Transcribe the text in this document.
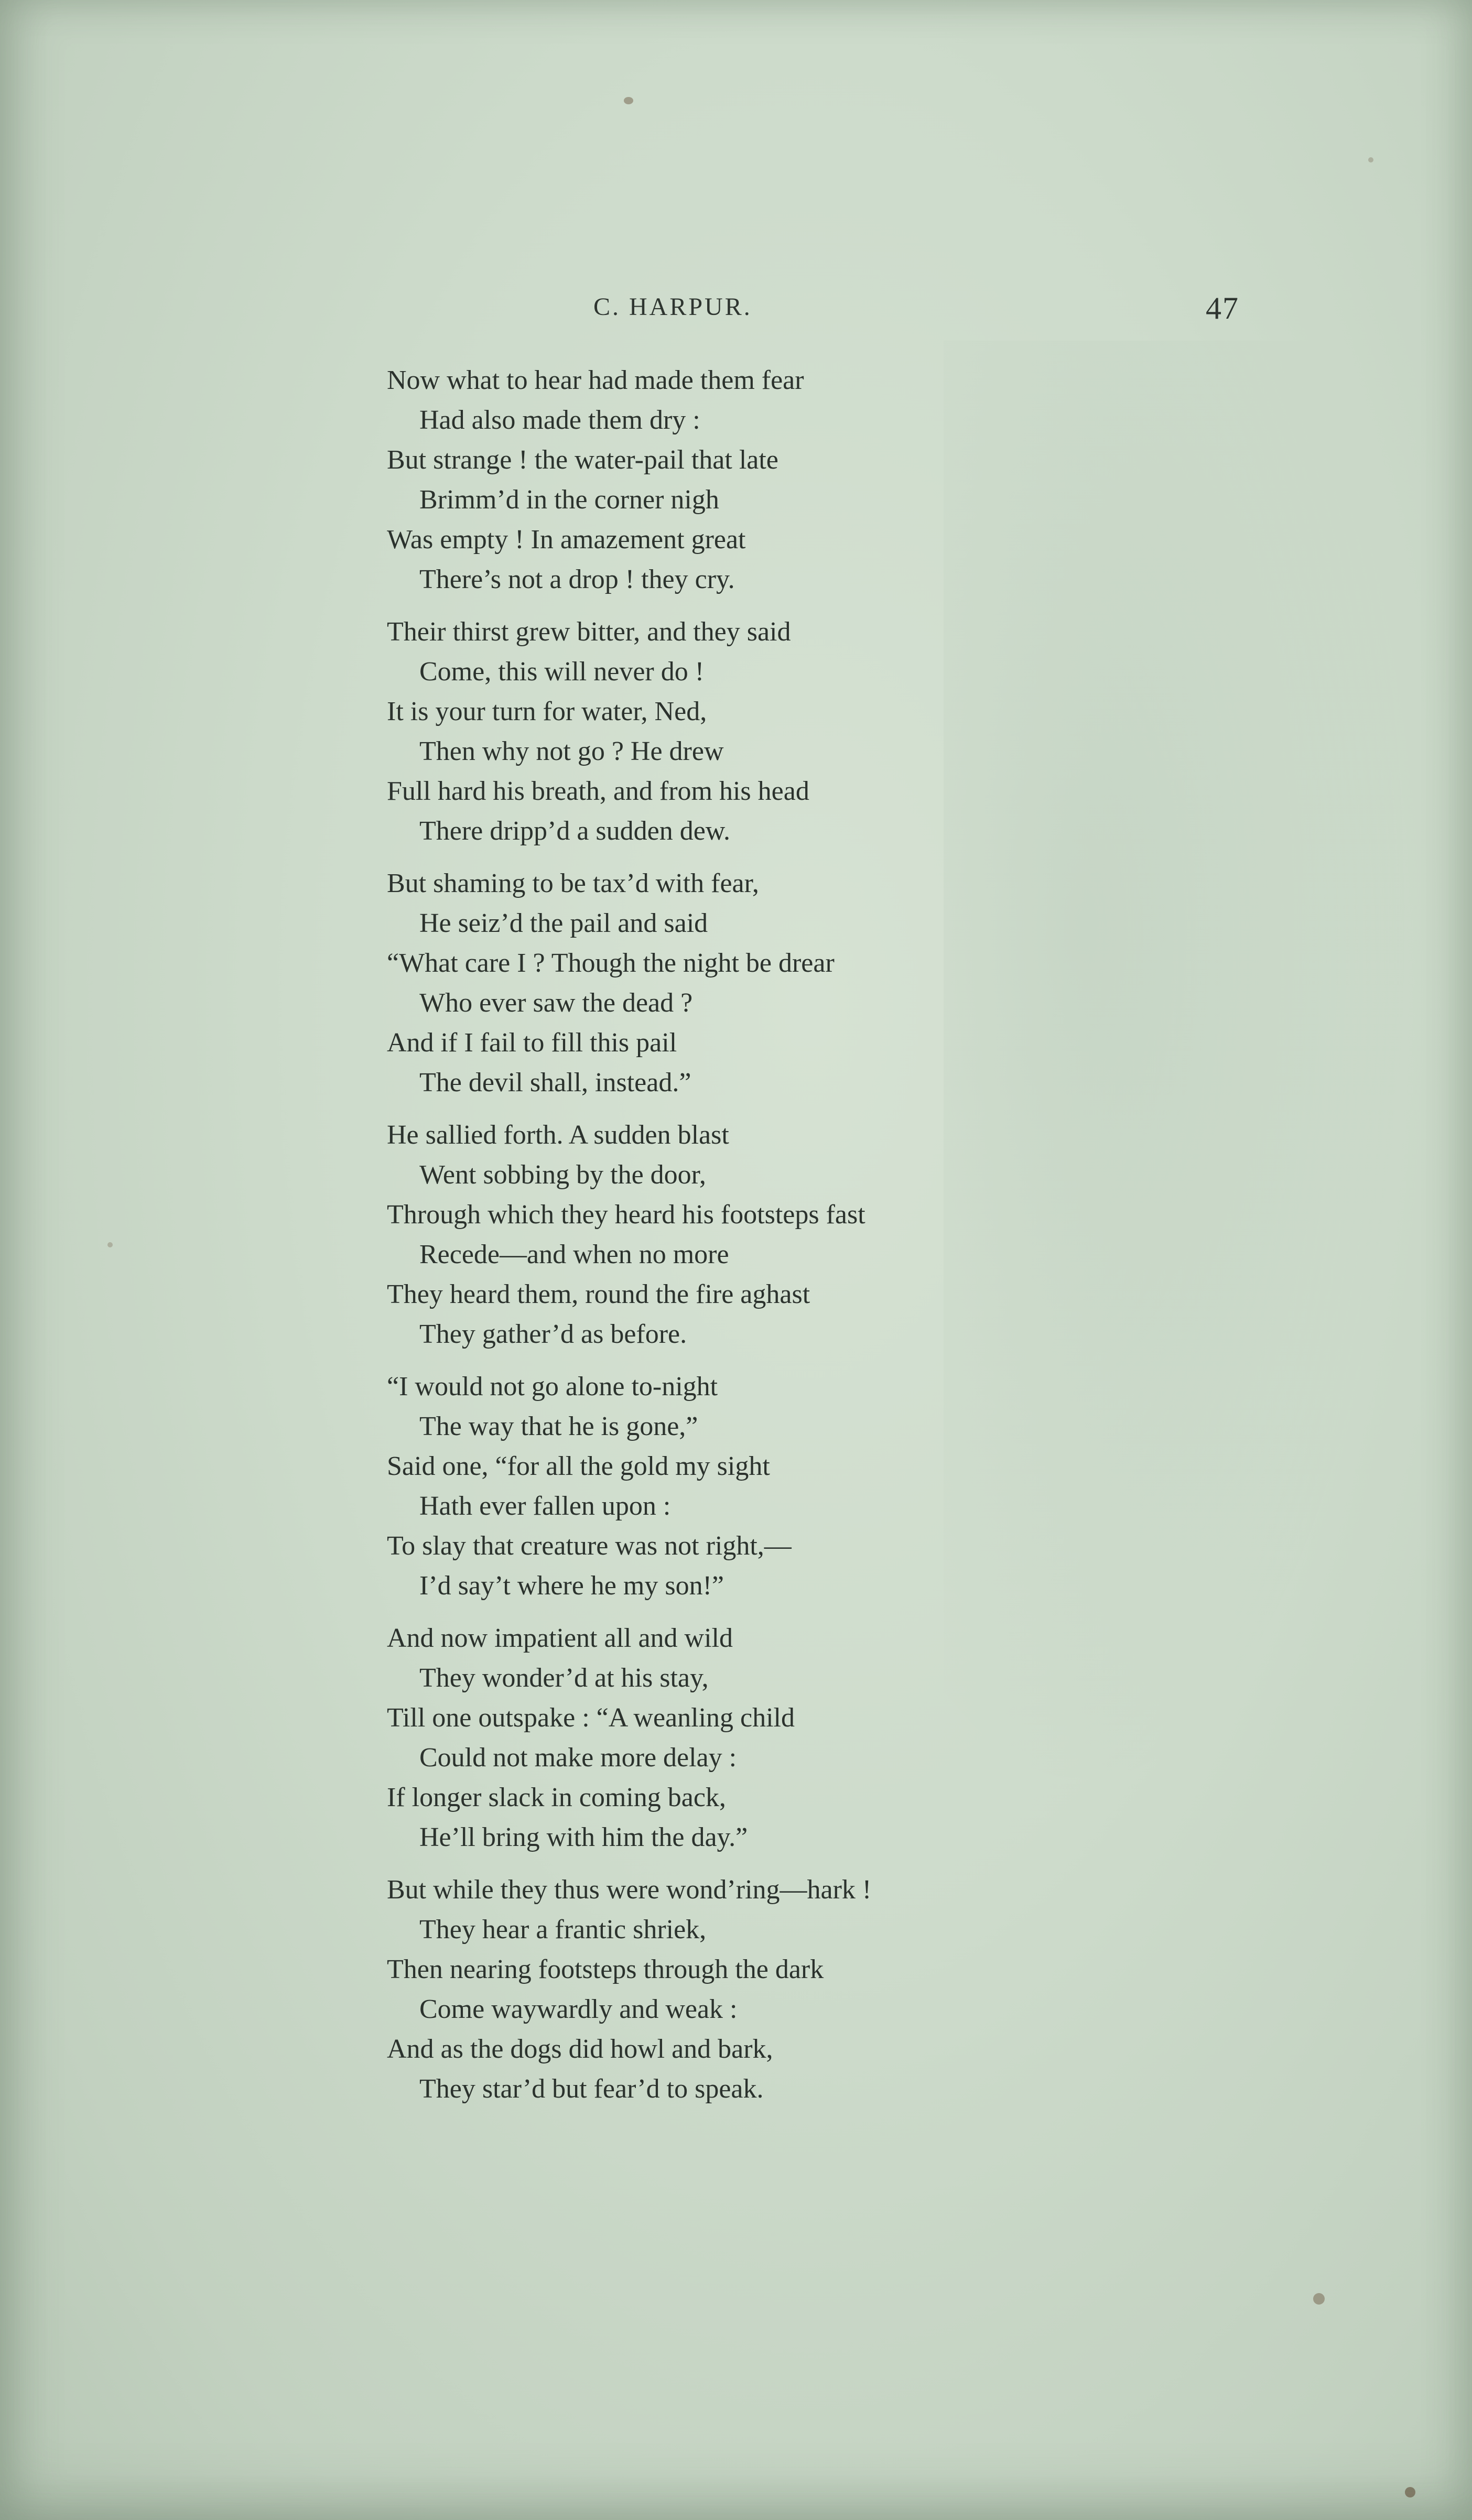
C. HARPUR.	47
Now what to hear had made them fear
Had also made them dry :
But strange ! the water-pail that late
Brimm’d in the corner nigh
Was empty ! In amazement great
There’s not a drop ! they cry.
Their thirst grew bitter, and they said
Come, this will never do !
It is your turn for water, Ned,
Then why not go ? He drew
Full hard his breath, and from his head
There dripp’d a sudden dew.
But shaming to be tax’d with fear,
He seiz’d the pail and said
“What care I ? Though the night be drear
Who ever saw the dead ?
And if I fail to fill this pail
The devil shall, instead.”
He sallied forth. A sudden blast
Went sobbing by the door,
Through which they heard his footsteps fast
Recede—and when no more
They heard them, round the fire aghast
They gather’d as before.
“I would not go alone to-night
The way that he is gone,”
Said one, “for all the gold my sight
Hath ever fallen upon :
To slay that creature was not right,—
I’d say’t where he my son!”
And now impatient all and wild
They wonder’d at his stay,
Till one outspake : “A weanling child
Could not make more delay :
If longer slack in coming back,
He’ll bring with him the day.”
But while they thus were wond’ring—hark !
They hear a frantic shriek,
Then nearing footsteps through the dark
Come waywardly and weak :
And as the dogs did howl and bark,
They star’d but fear’d to speak.
